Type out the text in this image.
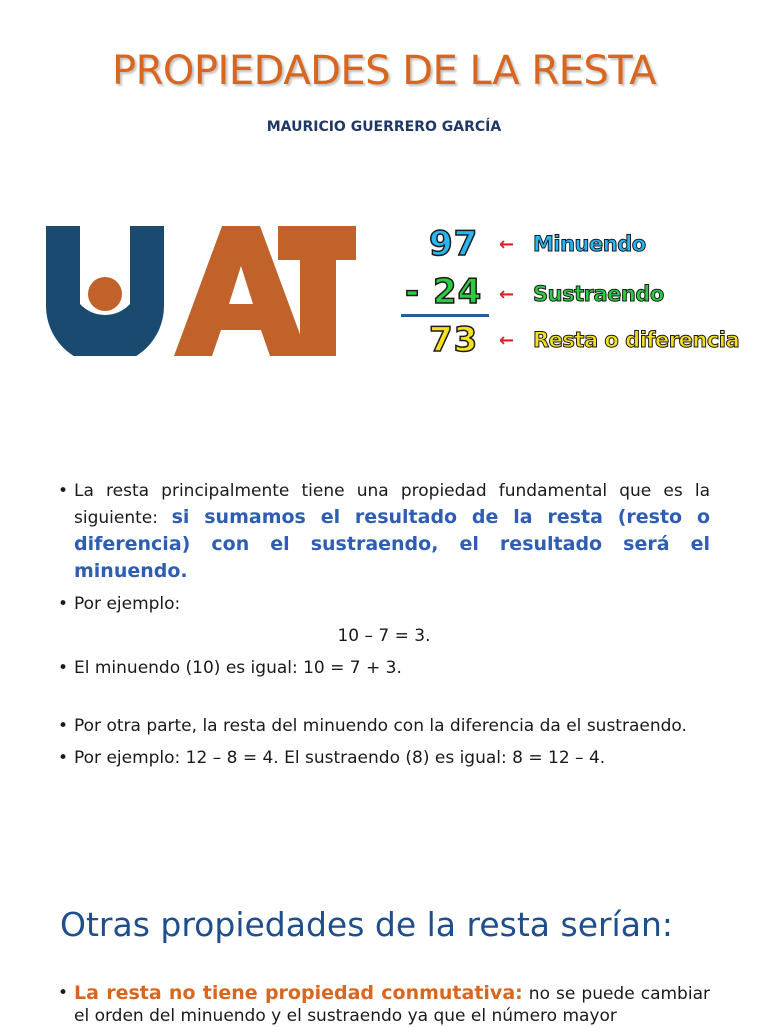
PROPIEDADES DE LA RESTA
MAURICIO GUERRERO GARCÍA
97
- 24
73
←
←
←
Minuendo
Sustraendo
Resta o diferencia
• La resta principalmente tiene una propiedad fundamental que es la siguiente: si sumamos el resultado de la resta (resto o diferencia) con el sustraendo, el resultado será el minuendo.
• Por ejemplo:
10 – 7 = 3.
• El minuendo (10) es igual: 10 = 7 + 3.
• Por otra parte, la resta del minuendo con la diferencia da el sustraendo.
• Por ejemplo: 12 – 8 = 4. El sustraendo (8) es igual: 8 = 12 – 4.
Otras propiedades de la resta serían:
• La resta no tiene propiedad conmutativa: no se puede cambiar el orden del minuendo y el sustraendo ya que el número mayor
